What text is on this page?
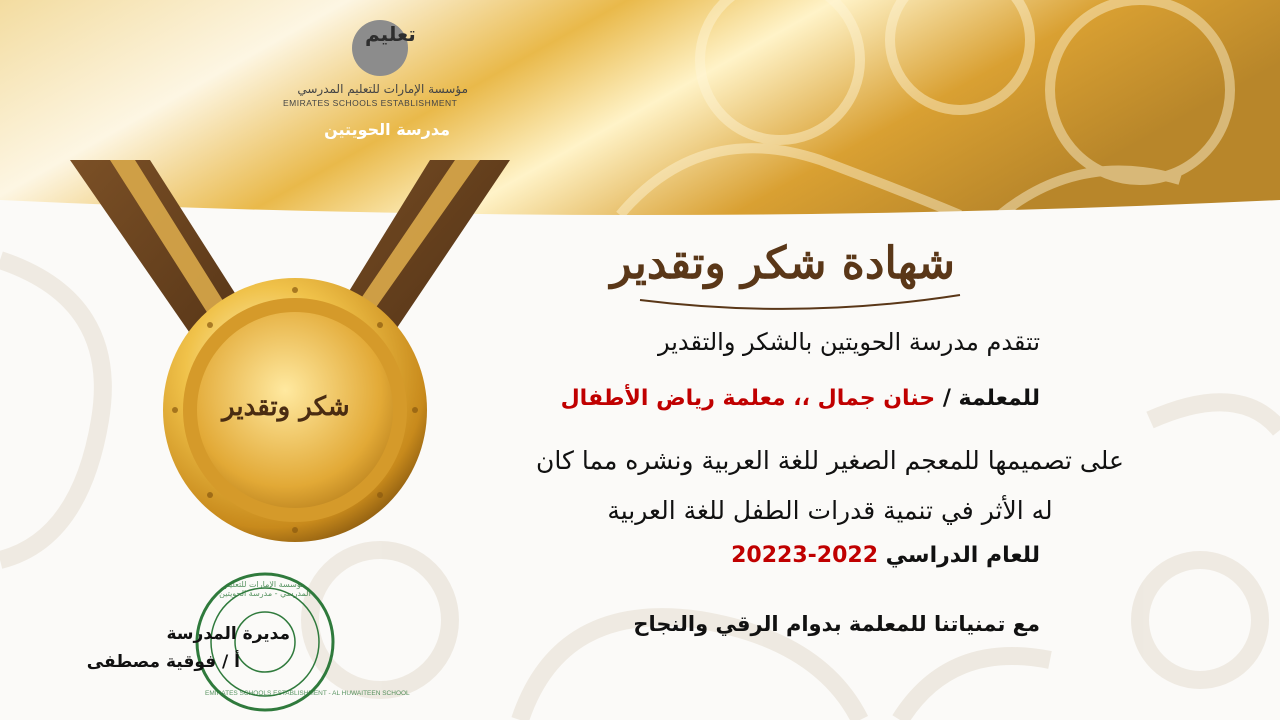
تعليم
مؤسسة الإمارات للتعليم المدرسي
EMIRATES SCHOOLS ESTABLISHMENT
مدرسة الحويتين
شهادة شكر وتقدير
شكر وتقدير
تتقدم مدرسة الحويتين بالشكر والتقدير
للمعلمة / حنان جمال ،، معلمة رياض الأطفال
على تصميمها للمعجم الصغير للغة العربية ونشره مما كان
له الأثر في تنمية قدرات الطفل للغة العربية
للعام الدراسي 20223-2022
مع تمنياتنا للمعلمة بدوام الرقي والنجاح
مؤسسة الإمارات للتعليم المدرسي - مدرسة الحويتين
EMIRATES SCHOOLS ESTABLISHMENT - AL HUWAITEEN SCHOOL
مديرة المدرسة
أ / فوقية مصطفى
